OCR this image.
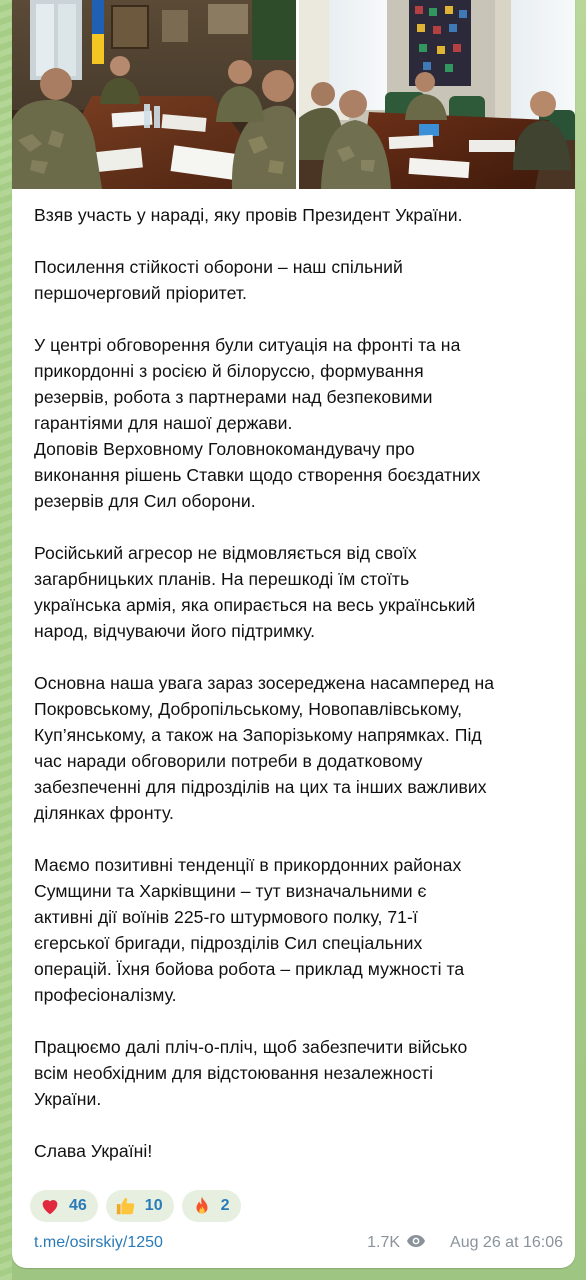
Взяв участь у нараді, яку провів Президент України.

Посилення стійкості оборони – наш спільний
першочерговий пріоритет.

У центрі обговорення були ситуація на фронті та на
прикордонні з росією й білоруссю, формування
резервів, робота з партнерами над безпековими
гарантіями для нашої держави.
Доповів Верховному Головнокомандувачу про
виконання рішень Ставки щодо створення боєздатних
резервів для Сил оборони.

Російський агресор не відмовляється від своїх
загарбницьких планів. На перешкоді їм стоїть
українська армія, яка опирається на весь український
народ, відчуваючи його підтримку.

Основна наша увага зараз зосереджена насамперед на
Покровському, Добропільському, Новопавлівському,
Куп’янському, а також на Запорізькому напрямках. Під
час наради обговорили потреби в додатковому
забезпеченні для підрозділів на цих та інших важливих
ділянках фронту.

Маємо позитивні тенденції в прикордонних районах
Сумщини та Харківщини – тут визначальними є
активні дії воїнів 225-го штурмового полку, 71-ї
єгерської бригади, підрозділів Сил спеціальних
операцій. Їхня бойова робота – приклад мужності та
професіоналізму.

Працюємо далі пліч-о-пліч, щоб забезпечити військо
всім необхідним для відстоювання незалежності
України.

Слава Україні!

46	10	2
t.me/osirskiy/1250	1.7K	Aug 26 at 16:06
